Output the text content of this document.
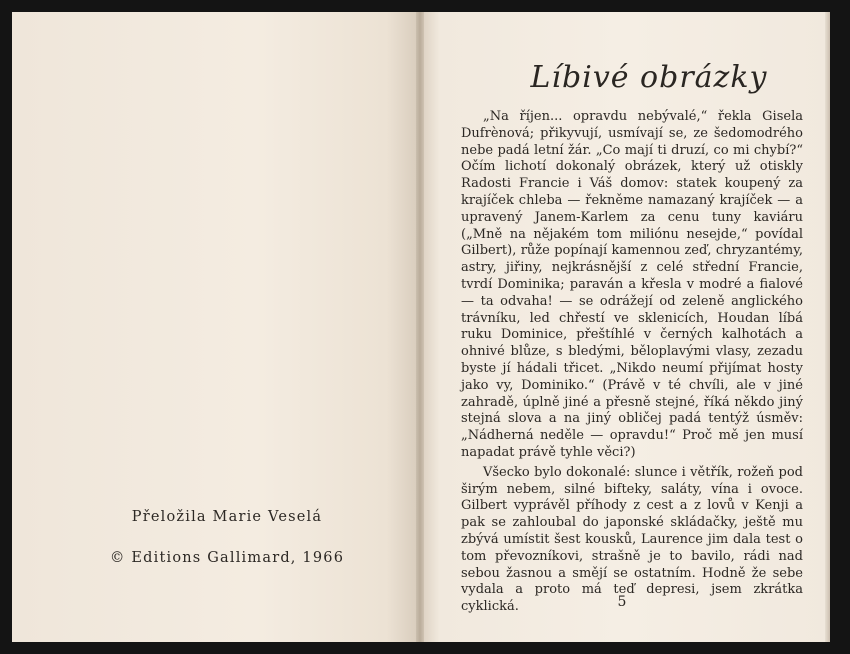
Přeložila Marie Veselá
© Editions Gallimard, 1966
Líbivé obrázky

„Na říjen... opravdu nebývalé,“ řekla Gisela Dufrènová; přikyvují, usmívají se, ze šedomodrého nebe padá letní žár. „Co mají ti druzí, co mi chybí?“ Očím lichotí dokonalý obrázek, který už otiskly Radosti Francie i Váš domov: statek koupený za krajíček chleba — řekněme namazaný krajíček — a upravený Janem-Karlem za cenu tuny kaviáru („Mně na nějakém tom miliónu nesejde,“ povídal Gilbert), růže popínají kamennou zeď, chryzantémy, astry, jiřiny, nejkrásnější z celé střední Francie, tvrdí Dominika; paraván a křesla v modré a fialové — ta odvaha! — se odrážejí od zeleně anglického trávníku, led chřestí ve sklenicích, Houdan líbá ruku Dominice, přeštíhlé v černých kalhotách a ohnivé blůze, s bledými, běloplavými vlasy, zezadu byste jí hádali třicet. „Nikdo neumí přijímat hosty jako vy, Dominiko.“ (Právě v té chvíli, ale v jiné zahradě, úplně jiné a přesně stejné, říká někdo jiný stejná slova a na jiný obličej padá tentýž úsměv: „Nádherná neděle — opravdu!“ Proč mě jen musí napadat právě tyhle věci?)

Všecko bylo dokonalé: slunce i větřík, rožeň pod širým nebem, silné bifteky, saláty, vína i ovoce. Gilbert vyprávěl příhody z cest a z lovů v Kenji a pak se zahloubal do japonské skládačky, ještě mu zbývá umístit šest kousků, Laurence jim dala test o tom převozníkovi, strašně je to bavilo, rádi nad sebou žasnou a smějí se ostatním. Hodně že sebe vydala a proto má teď depresi, jsem zkrátka cyklická.	5
